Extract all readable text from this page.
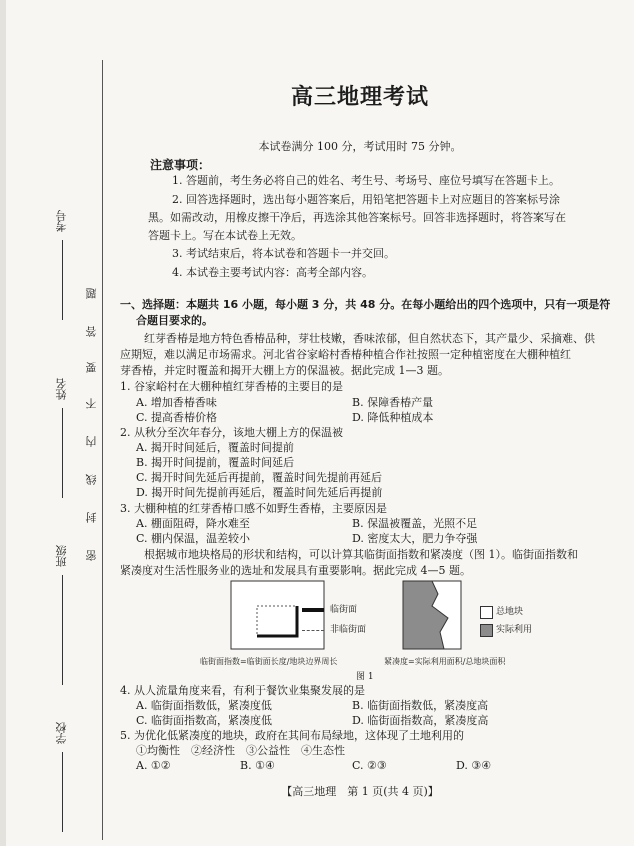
考号
姓名
班级
学校
题
答
要
不
内
线
封
密
高三地理考试
本试卷满分 100 分，考试用时 75 分钟。
注意事项：
1. 答题前，考生务必将自己的姓名、考生号、考场号、座位号填写在答题卡上。
2. 回答选择题时，选出每小题答案后，用铅笔把答题卡上对应题目的答案标号涂
黑。如需改动，用橡皮擦干净后，再选涂其他答案标号。回答非选择题时，将答案写在
答题卡上。写在本试卷上无效。
3. 考试结束后，将本试卷和答题卡一并交回。
4. 本试卷主要考试内容：高考全部内容。
一、选择题：本题共 16 小题，每小题 3 分，共 48 分。在每小题给出的四个选项中，只有一项是符
合题目要求的。
红芽香椿是地方特色香椿品种，芽壮枝嫩，香味浓郁，但自然状态下，其产量少、采摘难、供
应期短，难以满足市场需求。河北省谷家峪村香椿种植合作社按照一定种植密度在大棚种植红
芽香椿，并定时覆盖和揭开大棚上方的保温被。据此完成 1—3 题。
1. 谷家峪村在大棚种植红芽香椿的主要目的是
A. 增加香椿香味	B. 保障香椿产量
C. 提高香椿价格	D. 降低种植成本
2. 从秋分至次年春分，该地大棚上方的保温被
A. 揭开时间延后，覆盖时间提前
B. 揭开时间提前，覆盖时间延后
C. 揭开时间先延后再提前，覆盖时间先提前再延后
D. 揭开时间先提前再延后，覆盖时间先延后再提前
3. 大棚种植的红芽香椿口感不如野生香椿，主要原因是
A. 棚面阻碍，降水难至	B. 保温被覆盖，光照不足
C. 棚内保温，温差较小	D. 密度太大，肥力争夺强
根据城市地块格局的形状和结构，可以计算其临街面指数和紧凑度（图 1）。临街面指数和
紧凑度对生活性服务业的选址和发展具有重要影响。据此完成 4—5 题。
临街面
非临街面
总地块
实际利用
临街面指数=临街面长度/地块边界周长	紧凑度=实际利用面积/总地块面积
图 1
4. 从人流量角度来看，有利于餐饮业集聚发展的是
A. 临街面指数低，紧凑度低	B. 临街面指数低，紧凑度高
C. 临街面指数高，紧凑度低	D. 临街面指数高，紧凑度高
5. 为优化低紧凑度的地块，政府在其间布局绿地，这体现了土地利用的
①均衡性　②经济性　③公益性　④生态性
A. ①②	B. ①④	C. ②③	D. ③④
【高三地理　第 1 页(共 4 页)】
